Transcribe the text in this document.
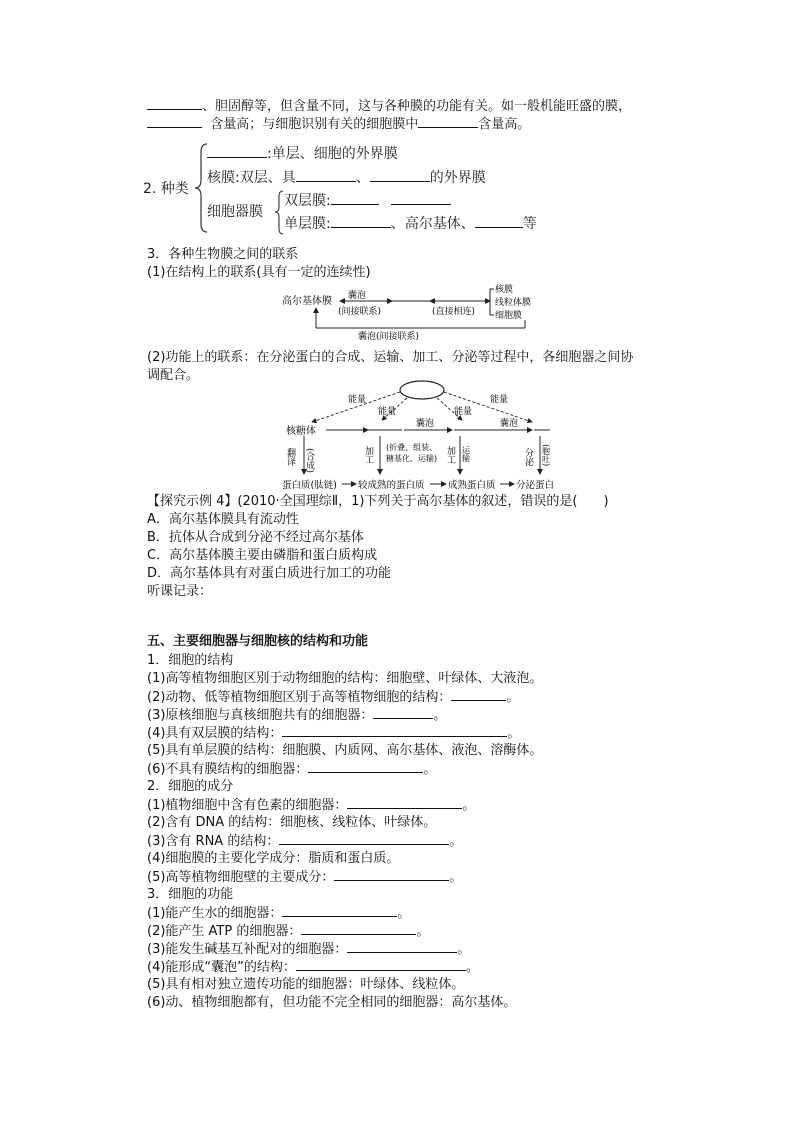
、胆固醇等，但含量不同，这与各种膜的功能有关。如一般机能旺盛的膜，
含量高；与细胞识别有关的细胞膜中	含量高。
2. 种类
:单层、细胞的外界膜
核膜:双层、具	、	的外界膜
细胞器膜
双层膜:
单层膜:	、高尔基体、	等
3．各种生物膜之间的联系
(1)在结构上的联系(具有一定的连续性)
高尔基体膜 囊泡
(间接联系)	(直接相连)
核膜
线粒体膜
细胞膜
囊泡(间接联系)
(2)功能上的联系：在分泌蛋白的合成、运输、加工、分泌等过程中，各细胞器之间协
调配合。
能量
能量	能量
能量
核糖体
囊泡	囊泡
翻译 (合成)	加工 (折叠、组装、
糖基化、运输) 加工 运输	分泌 (胞吐)
蛋白质(肽链) 较成熟的蛋白质 成熟蛋白质 分泌蛋白
【探究示例 4】(2010·全国理综Ⅱ，1)下列关于高尔基体的叙述，错误的是(　　)
A．高尔基体膜具有流动性
B．抗体从合成到分泌不经过高尔基体
C．高尔基体膜主要由磷脂和蛋白质构成
D．高尔基体具有对蛋白质进行加工的功能
听课记录：
五、主要细胞器与细胞核的结构和功能
1．细胞的结构
(1)高等植物细胞区别于动物细胞的结构：细胞壁、叶绿体、大液泡。
(2)动物、低等植物细胞区别于高等植物细胞的结构：	。
(3)原核细胞与真核细胞共有的细胞器：	。
(4)具有双层膜的结构：	。
(5)具有单层膜的结构：细胞膜、内质网、高尔基体、液泡、溶酶体。
(6)不具有膜结构的细胞器：	。
2．细胞的成分
(1)植物细胞中含有色素的细胞器：	。
(2)含有 DNA 的结构：细胞核、线粒体、叶绿体。
(3)含有 RNA 的结构：	。
(4)细胞膜的主要化学成分：脂质和蛋白质。
(5)高等植物细胞壁的主要成分：	。
3．细胞的功能
(1)能产生水的细胞器：	。
(2)能产生 ATP 的细胞器：	。
(3)能发生碱基互补配对的细胞器：	。
(4)能形成“囊泡”的结构：	。
(5)具有相对独立遗传功能的细胞器：叶绿体、线粒体。
(6)动、植物细胞都有，但功能不完全相同的细胞器：高尔基体。
